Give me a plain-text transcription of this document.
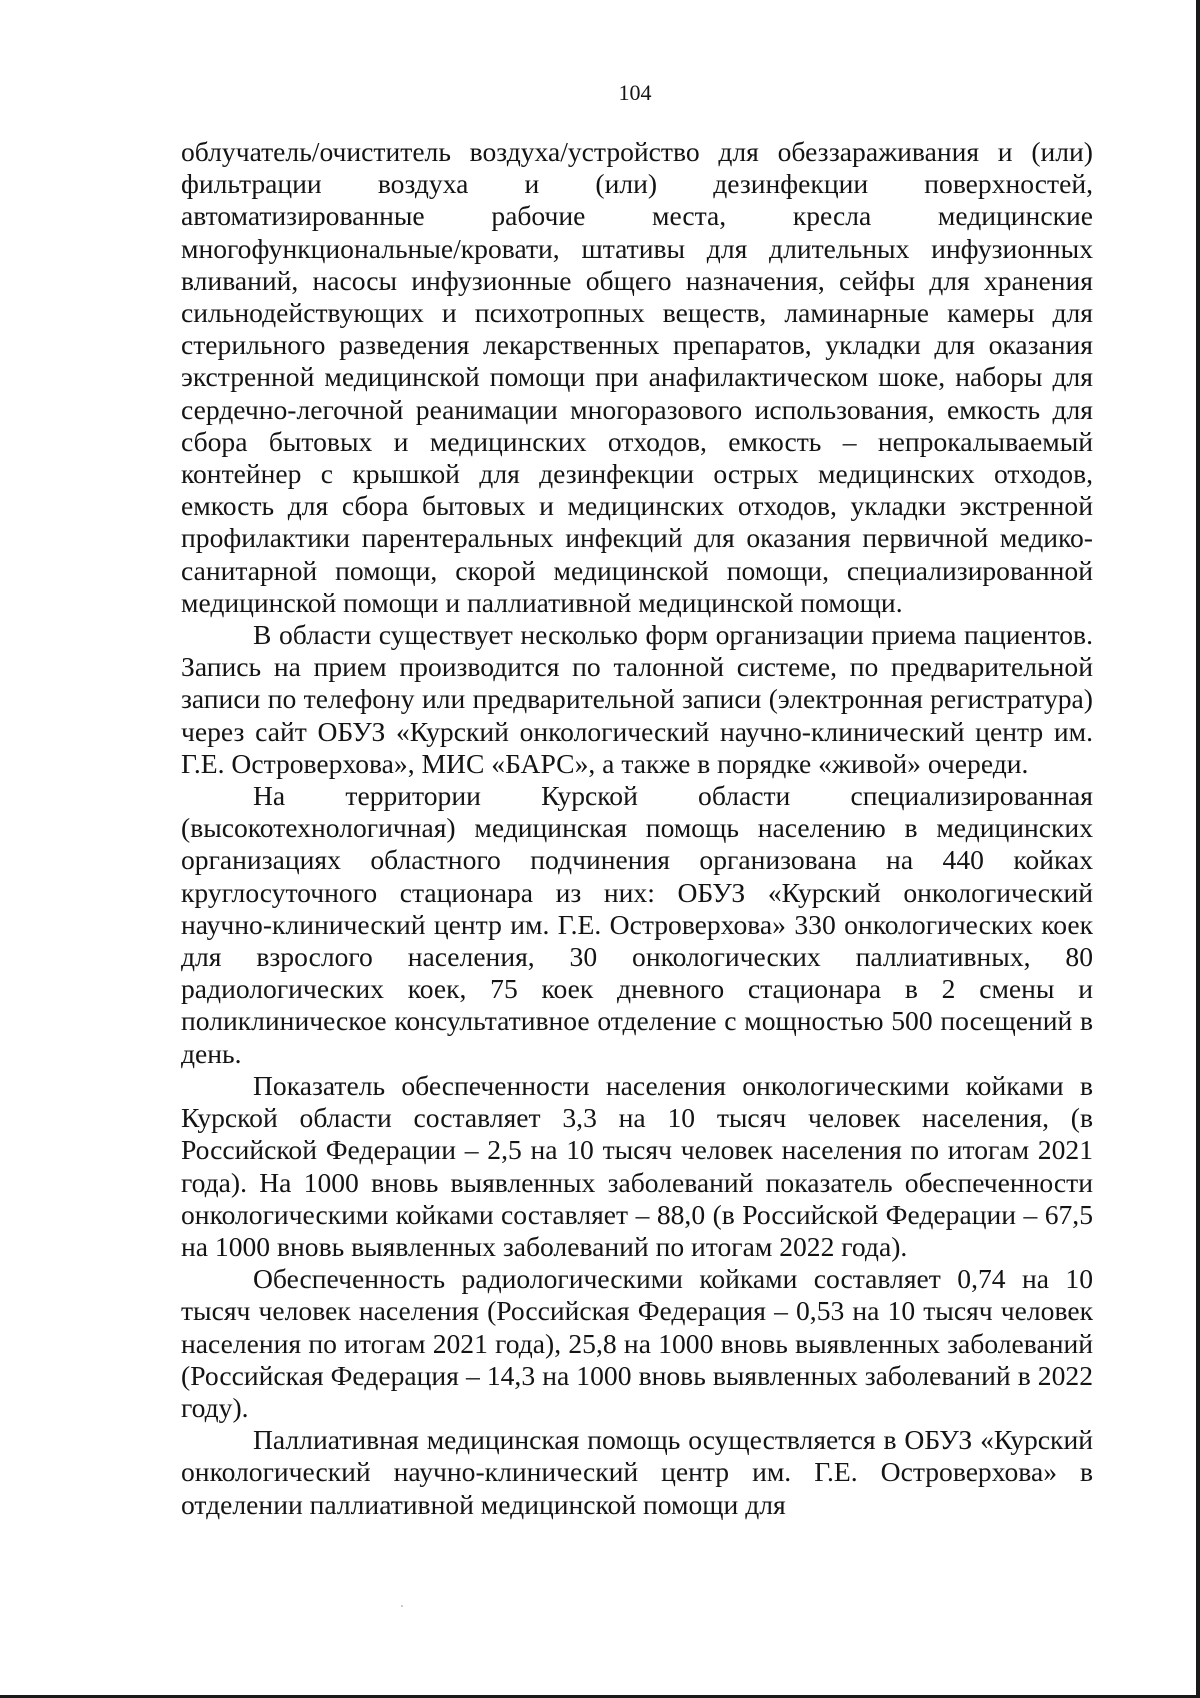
104

облучатель/очиститель воздуха/устройство для обеззараживания и (или) фильтрации воздуха и (или) дезинфекции поверхностей, автоматизированные рабочие места, кресла медицинские многофункциональные/кровати, штативы для длительных инфузионных вливаний, насосы инфузионные общего назначения, сейфы для хранения сильнодействующих и психотропных веществ, ламинарные камеры для стерильного разведения лекарственных препаратов, укладки для оказания экстренной медицинской помощи при анафилактическом шоке, наборы для сердечно-легочной реанимации многоразового использования, емкость для сбора бытовых и медицинских отходов, емкость – непрокалываемый контейнер с крышкой для дезинфекции острых медицинских отходов, емкость для сбора бытовых и медицинских отходов, укладки экстренной профилактики парентеральных инфекций для оказания первичной медико-санитарной помощи, скорой медицинской помощи, специализированной медицинской помощи и паллиативной медицинской помощи.

В области существует несколько форм организации приема пациентов. Запись на прием производится по талонной системе, по предварительной записи по телефону или предварительной записи (электронная регистратура) через сайт ОБУЗ «Курский онкологический научно-клинический центр им. Г.Е. Островерхова», МИС «БАРС», а также в порядке «живой» очереди.

На территории Курской области специализированная (высокотехнологичная) медицинская помощь населению в медицинских организациях областного подчинения организована на 440 койках круглосуточного стационара из них: ОБУЗ «Курский онкологический научно-клинический центр им. Г.Е. Островерхова» 330 онкологических коек для взрослого населения, 30 онкологических паллиативных, 80 радиологических коек, 75 коек дневного стационара в 2 смены и поликлиническое консультативное отделение с мощностью 500 посещений в день.

Показатель обеспеченности населения онкологическими койками в Курской области составляет 3,3 на 10 тысяч человек населения, (в Российской Федерации – 2,5 на 10 тысяч человек населения по итогам 2021 года). На 1000 вновь выявленных заболеваний показатель обеспеченности онкологическими койками составляет – 88,0 (в Российской Федерации – 67,5 на 1000 вновь выявленных заболеваний по итогам 2022 года).

Обеспеченность радиологическими койками составляет 0,74 на 10 тысяч человек населения (Российская Федерация – 0,53 на 10 тысяч человек населения по итогам 2021 года), 25,8 на 1000 вновь выявленных заболеваний (Российская Федерация – 14,3 на 1000 вновь выявленных заболеваний в 2022 году).

Паллиативная медицинская помощь осуществляется в ОБУЗ «Курский онкологический научно-клинический центр им. Г.Е. Островерхова» в отделении паллиативной медицинской помощи для
